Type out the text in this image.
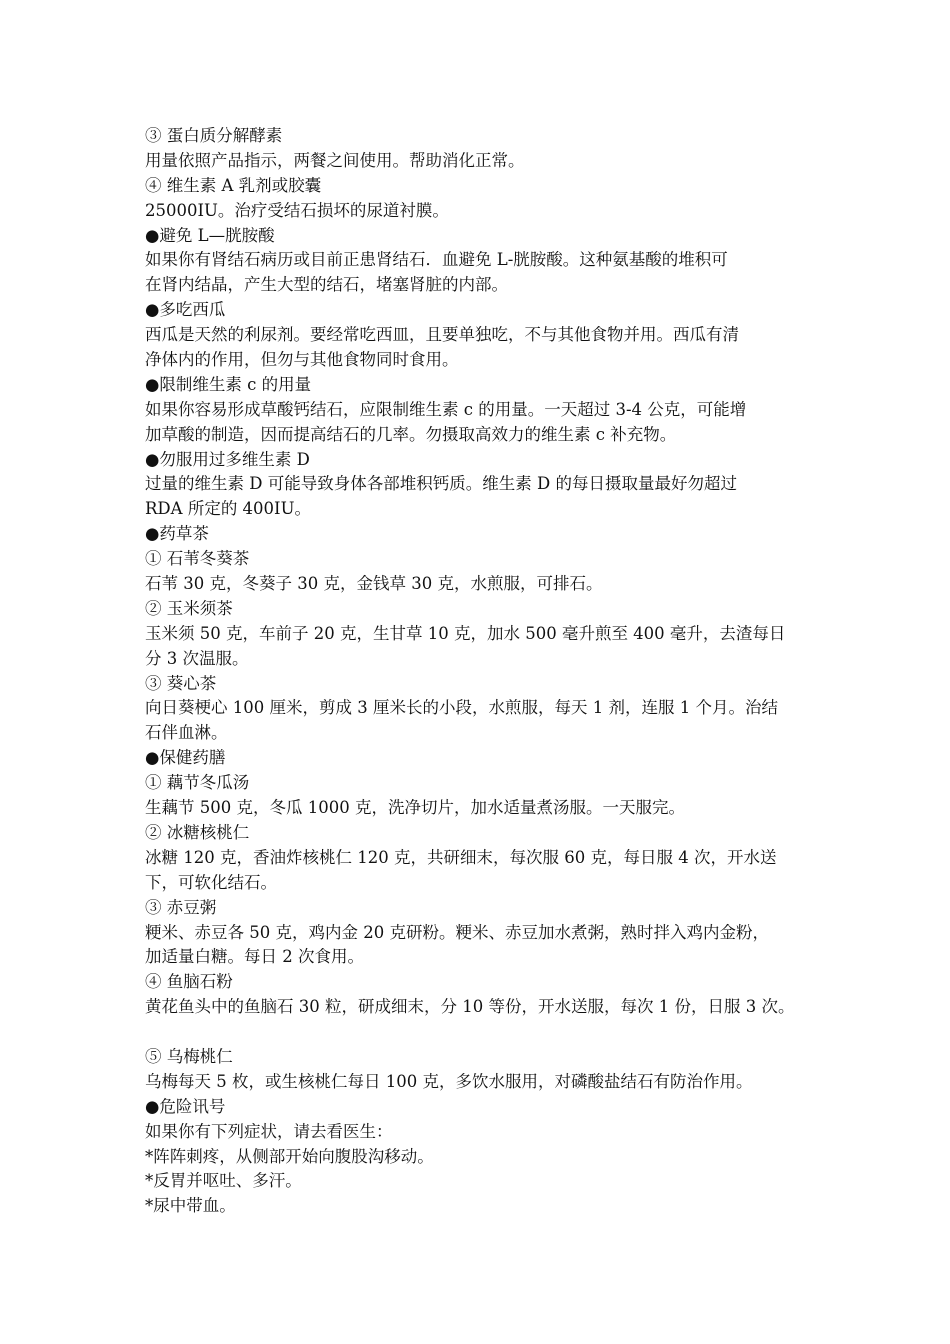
③ 蛋白质分解酵素
用量依照产品指示，两餐之间使用。帮助消化正常。
④ 维生素 A 乳剂或胶囊
25000IU。治疗受结石损坏的尿道衬膜。
●避免 L—胱胺酸
如果你有肾结石病历或目前正患肾结石．血避免 L-胱胺酸。这种氨基酸的堆积可
在肾内结晶，产生大型的结石，堵塞肾脏的内部。
●多吃西瓜
西瓜是天然的利尿剂。要经常吃西皿，且要单独吃，不与其他食物并用。西瓜有清
净体内的作用，但勿与其他食物同时食用。
●限制维生素 c 的用量
如果你容易形成草酸钙结石，应限制维生素 c 的用量。一天超过 3-4 公克，可能增
加草酸的制造，因而提高结石的几率。勿摄取高效力的维生素 c 补充物。
●勿服用过多维生素 D
过量的维生素 D 可能导致身体各部堆积钙质。维生素 D 的每日摄取量最好勿超过
RDA 所定的 400IU。
●药草茶
① 石苇冬葵茶
石苇 30 克，冬葵子 30 克，金钱草 30 克，水煎服，可排石。
② 玉米须茶
玉米须 50 克，车前子 20 克，生甘草 10 克，加水 500 毫升煎至 400 毫升，去渣每日
分 3 次温服。
③ 葵心茶
向日葵梗心 100 厘米，剪成 3 厘米长的小段，水煎服，每天 1 剂，连服 1 个月。治结
石伴血淋。
●保健药膳
① 藕节冬瓜汤
生藕节 500 克，冬瓜 1000 克，洗净切片，加水适量煮汤服。一天服完。
② 冰糖核桃仁
冰糖 120 克，香油炸核桃仁 120 克，共研细末，每次服 60 克，每日服 4 次，开水送
下，可软化结石。
③ 赤豆粥
粳米、赤豆各 50 克，鸡内金 20 克研粉。粳米、赤豆加水煮粥，熟时拌入鸡内金粉，
加适量白糖。每日 2 次食用。
④ 鱼脑石粉
黄花鱼头中的鱼脑石 30 粒，研成细末，分 10 等份，开水送服，每次 1 份，日服 3 次。
⑤ 乌梅桃仁
乌梅每天 5 枚，或生核桃仁每日 100 克，多饮水服用，对磷酸盐结石有防治作用。
●危险讯号
如果你有下列症状，请去看医生：
*阵阵刺疼，从侧部开始向腹股沟移动。
*反胃并呕吐、多汗。
*尿中带血。
